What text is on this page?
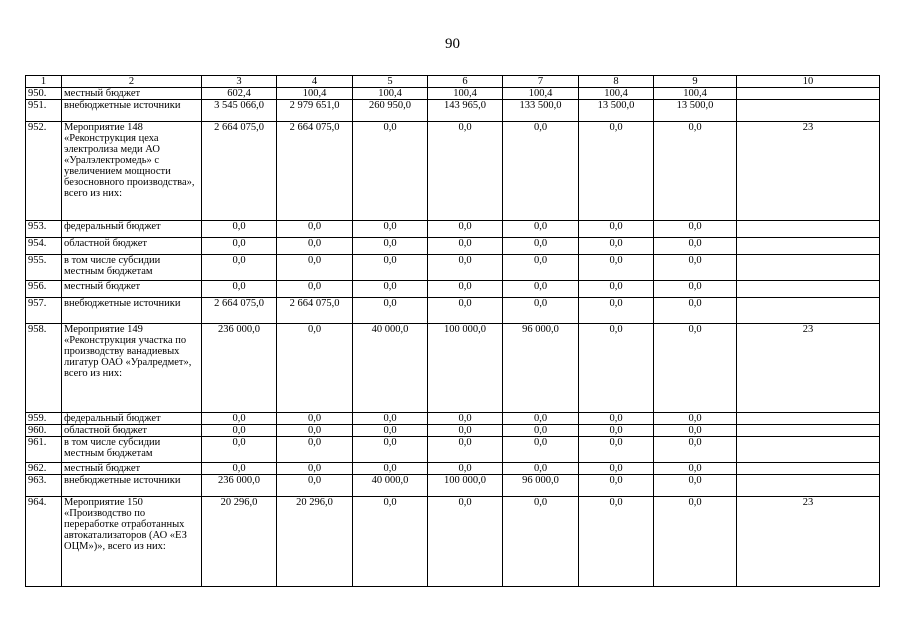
90
1	2	3	4	5	6	7	8	9	10
950.	местный бюджет	602,4	100,4	100,4	100,4	100,4	100,4	100,4	
951.	внебюджетные источники	3 545 066,0	2 979 651,0	260 950,0	143 965,0	133 500,0	13 500,0	13 500,0	
952.	Мероприятие 148 «Реконструкция цеха электролиза меди АО «Уралэлектромедь» с увеличением мощности безосновного производства», всего из них:	2 664 075,0	2 664 075,0	0,0	0,0	0,0	0,0	0,0	23
953.	федеральный бюджет	0,0	0,0	0,0	0,0	0,0	0,0	0,0	
954.	областной бюджет	0,0	0,0	0,0	0,0	0,0	0,0	0,0	
955.	в том числе субсидии местным бюджетам	0,0	0,0	0,0	0,0	0,0	0,0	0,0	
956.	местный бюджет	0,0	0,0	0,0	0,0	0,0	0,0	0,0	
957.	внебюджетные источники	2 664 075,0	2 664 075,0	0,0	0,0	0,0	0,0	0,0	
958.	Мероприятие 149 «Реконструкция участка по производству ванадиевых лигатур ОАО «Уралредмет», всего из них:	236 000,0	0,0	40 000,0	100 000,0	96 000,0	0,0	0,0	23
959.	федеральный бюджет	0,0	0,0	0,0	0,0	0,0	0,0	0,0	
960.	областной бюджет	0,0	0,0	0,0	0,0	0,0	0,0	0,0	
961.	в том числе субсидии местным бюджетам	0,0	0,0	0,0	0,0	0,0	0,0	0,0	
962.	местный бюджет	0,0	0,0	0,0	0,0	0,0	0,0	0,0	
963.	внебюджетные источники	236 000,0	0,0	40 000,0	100 000,0	96 000,0	0,0	0,0	
964.	Мероприятие 150 «Производство по переработке отработанных автокатализаторов (АО «ЕЗ ОЦМ»)», всего из них:	20 296,0	20 296,0	0,0	0,0	0,0	0,0	0,0	23
